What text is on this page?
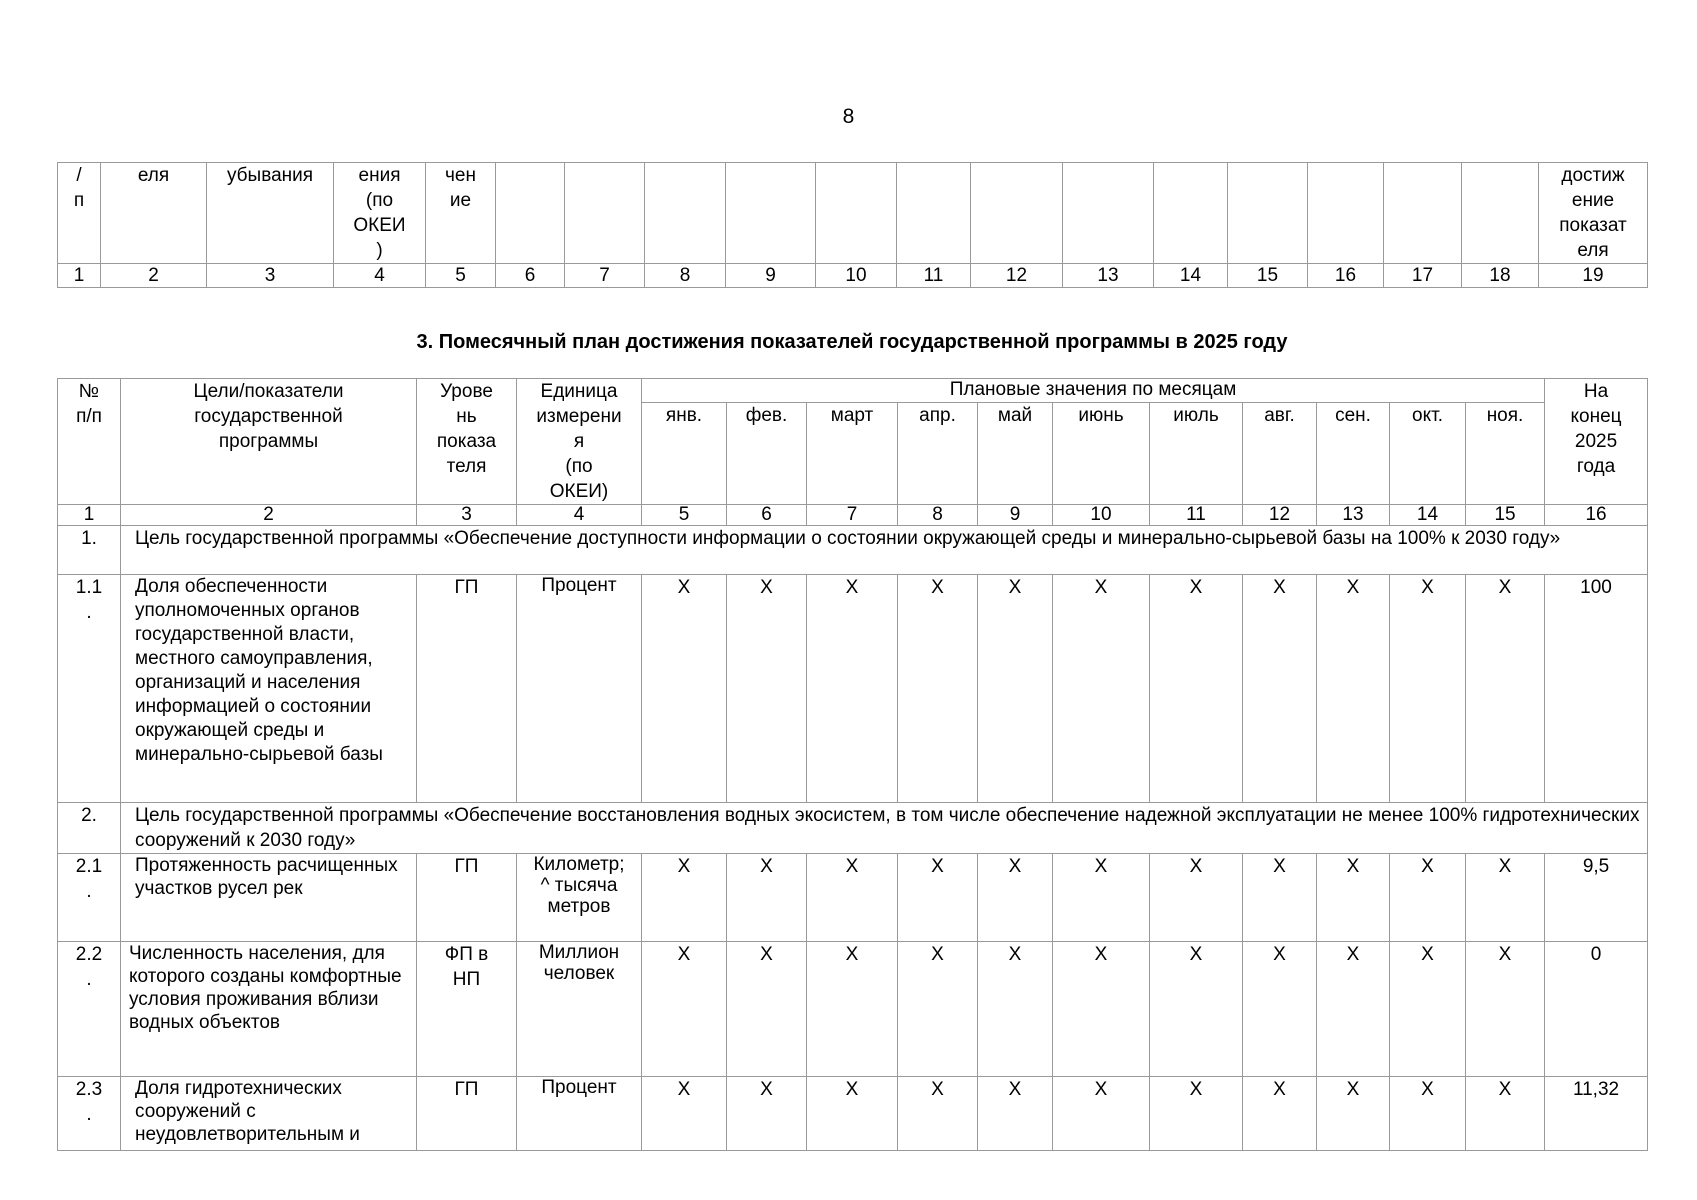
8
/
п	еля	убывания	ения
(по
ОКЕИ
)	чен
ие														достиж
ение
показат
еля
1	2	3	4	5	6	7	8	9	10	11	12	13	14	15	16	17	18	19
3. Помесячный план достижения показателей государственной программы в 2025 году
№
п/п	Цели/показатели
государственной
программы	Урове
нь
показа
теля	Единица
измерени
я
(по
ОКЕИ)	Плановые значения по месяцам											На
конец
2025
года
				янв.	фев.	март	апр.	май	июнь	июль	авг.	сен.	окт.	ноя.	
1	2	3	4	5	6	7	8	9	10	11	12	13	14	15	16
1.	Цель государственной программы «Обеспечение доступности информации о состоянии окружающей среды и минерально-сырьевой базы на 100% к 2030 году»														
1.1
.	Доля обеспеченности уполномоченных органов государственной власти, местного самоуправления, организаций и населения информацией о состоянии окружающей среды и минерально-сырьевой базы	ГП	Процент	X	X	X	X	X	X	X	X	X	X	X	100
2.	Цель государственной программы «Обеспечение восстановления водных экосистем, в том числе обеспечение надежной эксплуатации не менее 100% гидротехнических сооружений к 2030 году»														
2.1
.	Протяженность расчищенных участков русел рек	ГП	Километр;
^ тысяча
метров	X	X	X	X	X	X	X	X	X	X	X	9,5
2.2
.	Численность населения, для которого созданы комфортные условия проживания вблизи водных объектов	ФП в
НП	Миллион
человек	X	X	X	X	X	X	X	X	X	X	X	0
2.3
.	Доля гидротехнических сооружений с неудовлетворительным и	ГП	Процент	X	X	X	X	X	X	X	X	X	X	X	11,32
